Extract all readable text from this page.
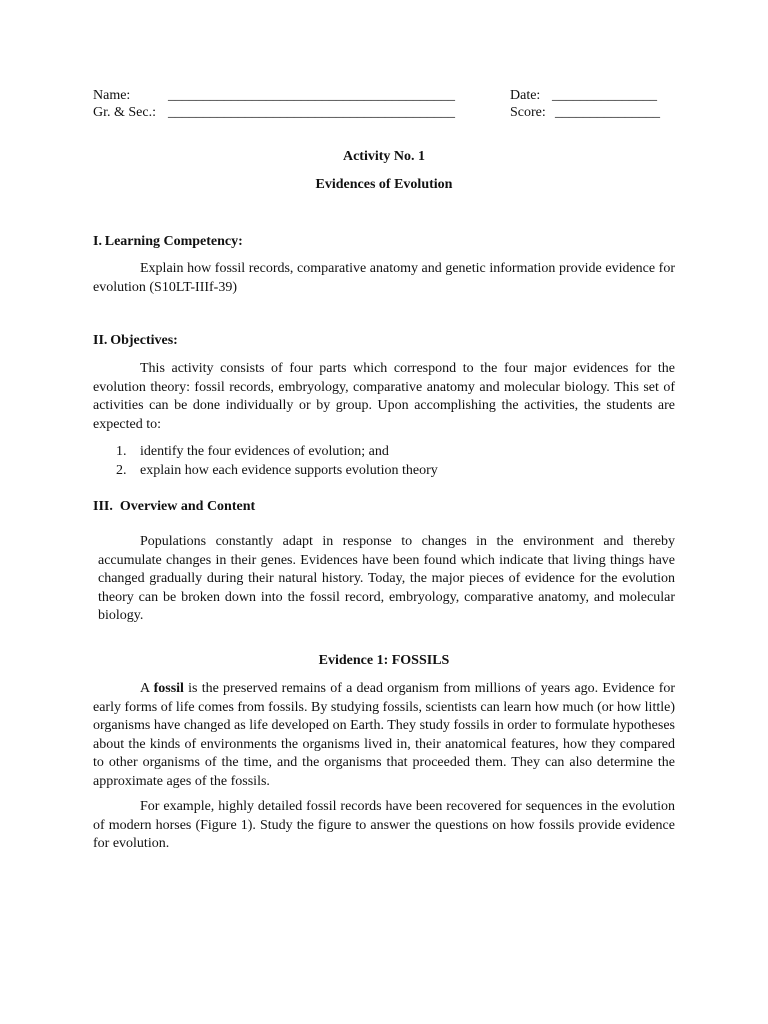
Name:	_________________________________________	Date: _______________
Gr. & Sec.: _________________________________________	Score: _______________
Activity No. 1
Evidences of Evolution
I. Learning Competency:
Explain how fossil records, comparative anatomy and genetic information provide evidence for evolution (S10LT-IIIf-39)
II. Objectives:
This activity consists of four parts which correspond to the four major evidences for the evolution theory: fossil records, embryology, comparative anatomy and molecular biology. This set of activities can be done individually or by group. Upon accomplishing the activities, the students are expected to:
1. identify the four evidences of evolution; and
2. explain how each evidence supports evolution theory
III.  Overview and Content
Populations constantly adapt in response to changes in the environment and thereby accumulate changes in their genes. Evidences have been found which indicate that living things have changed gradually during their natural history. Today, the major pieces of evidence for the evolution theory can be broken down into the fossil record, embryology, comparative anatomy, and molecular biology.
Evidence 1: FOSSILS
A fossil is the preserved remains of a dead organism from millions of years ago. Evidence for early forms of life comes from fossils. By studying fossils, scientists can learn how much (or how little) organisms have changed as life developed on Earth. They study fossils in order to formulate hypotheses about the kinds of environments the organisms lived in, their anatomical features, how they compared to other organisms of the time, and the organisms that proceeded them. They can also determine the approximate ages of the fossils.
For example, highly detailed fossil records have been recovered for sequences in the evolution of modern horses (Figure 1). Study the figure to answer the questions on how fossils provide evidence for evolution.
